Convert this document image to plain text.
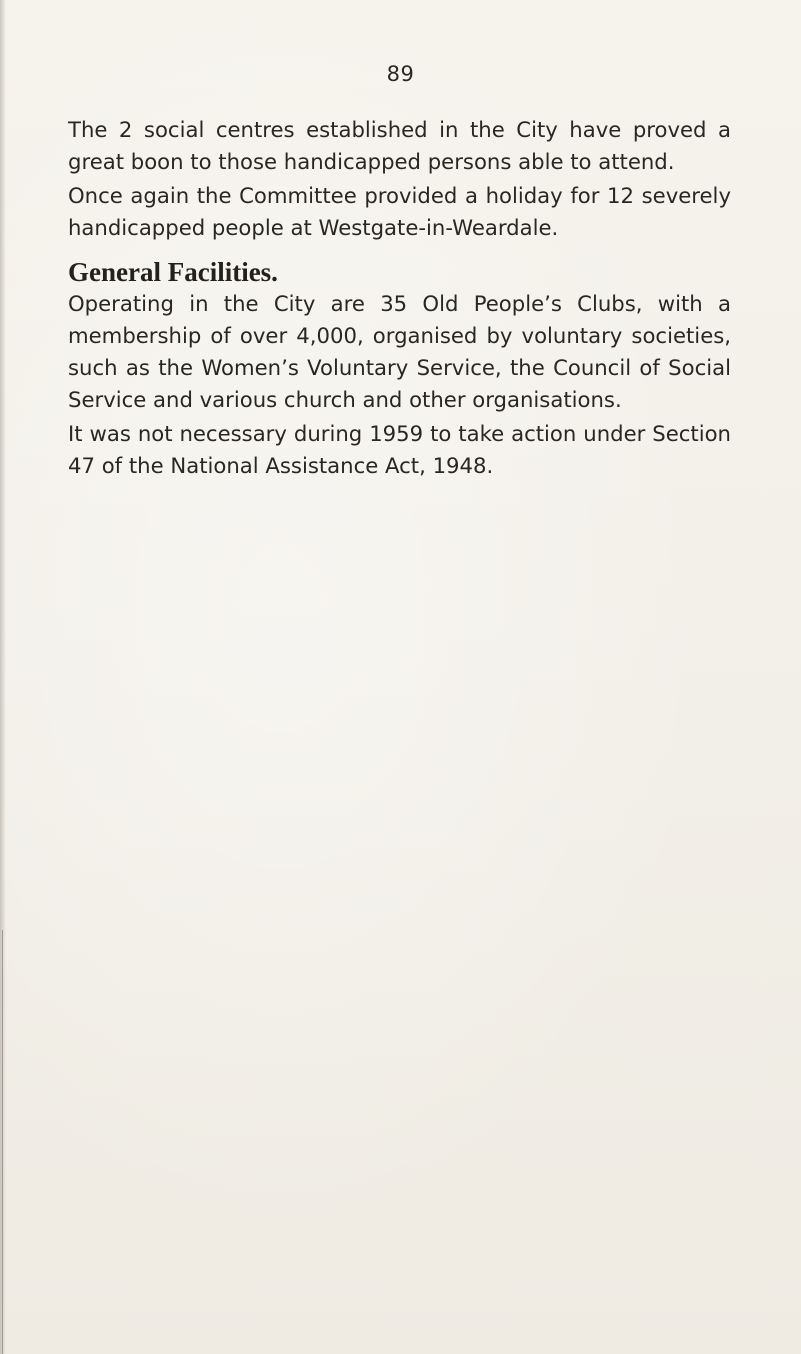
89

The 2 social centres established in the City have proved a great boon to those handicapped persons able to attend.

Once again the Committee provided a holiday for 12 severely handicapped people at Westgate-in-Weardale.

General Facilities.

Operating in the City are 35 Old People’s Clubs, with a membership of over 4,000, organised by voluntary societies, such as the Women’s Voluntary Service, the Council of Social Service and various church and other organisations.

It was not necessary during 1959 to take action under Section 47 of the National Assistance Act, 1948.
